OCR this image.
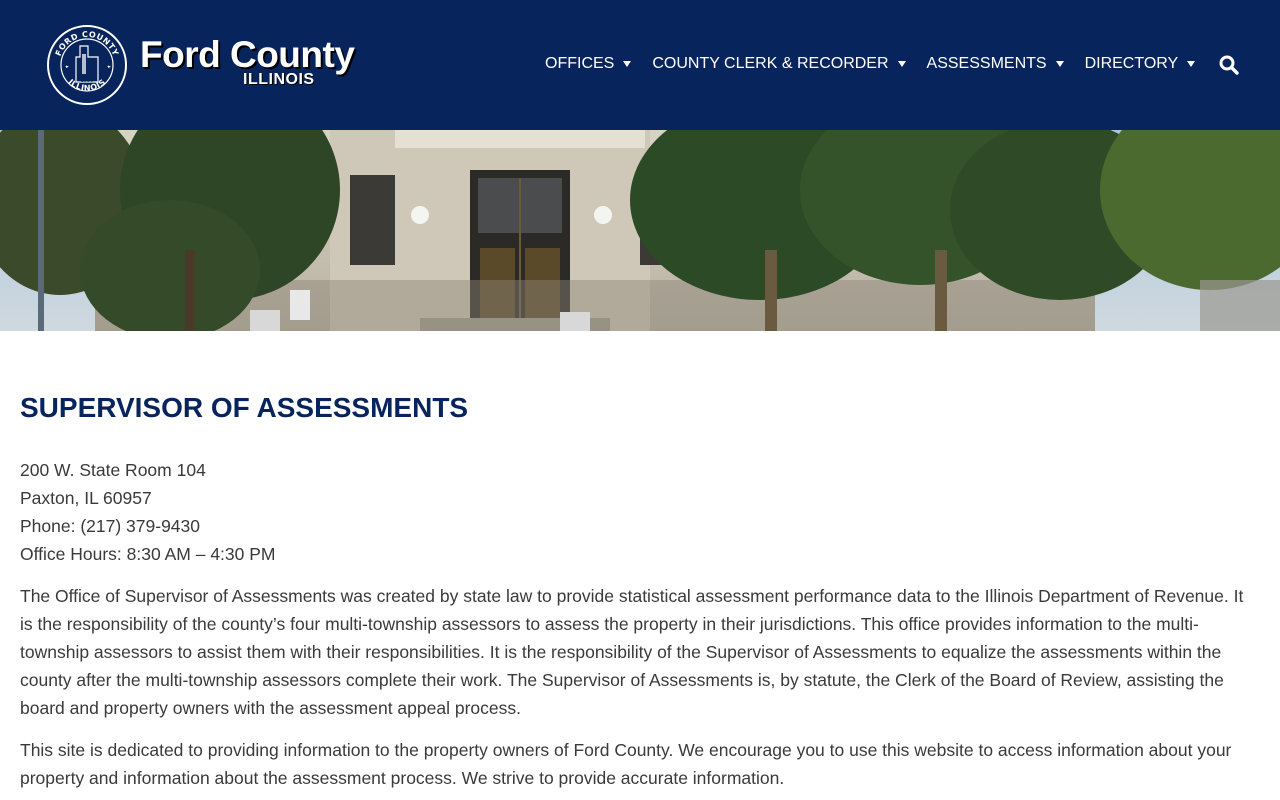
FORD COUNTY
ILLINOIS
1856
Ford County
ILLINOIS
OFFICES COUNTY CLERK & RECORDER ASSESSMENTS DIRECTORY
SUPERVISOR OF ASSESSMENTS
200 W. State Room 104
Paxton, IL 60957
Phone: (217) 379-9430
Office Hours: 8:30 AM – 4:30 PM

The Office of Supervisor of Assessments was created by state law to provide statistical assessment performance data to the Illinois Department of Revenue. It is the responsibility of the county’s four multi-township assessors to assess the property in their jurisdictions. This office provides information to the multi-township assessors to assist them with their responsibilities. It is the responsibility of the Supervisor of Assessments to equalize the assessments within the county after the multi-township assessors complete their work. The Supervisor of Assessments is, by statute, the Clerk of the Board of Review, assisting the board and property owners with the assessment appeal process.

This site is dedicated to providing information to the property owners of Ford County. We encourage you to use this website to access information about your property and information about the assessment process. We strive to provide accurate information.
